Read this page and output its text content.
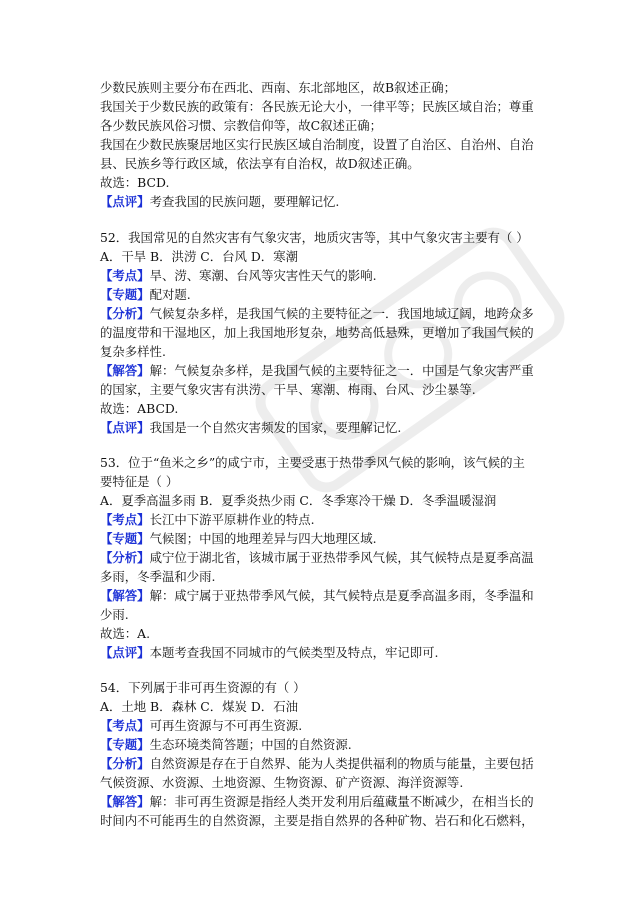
少数民族则主要分布在西北、西南、东北部地区，故B叙述正确；
我国关于少数民族的政策有：各民族无论大小，一律平等；民族区域自治；尊重
各少数民族风俗习惯、宗教信仰等，故C叙述正确；
我国在少数民族聚居地区实行民族区域自治制度，设置了自治区、自治州、自治
县、民族乡等行政区域，依法享有自治权，故D叙述正确。
故选：BCD.
【点评】考查我国的民族问题，要理解记忆.
52．我国常见的自然灾害有气象灾害，地质灾害等，其中气象灾害主要有（ ）
A．干旱 B．洪涝 C．台风 D．寒潮
【考点】旱、涝、寒潮、台风等灾害性天气的影响.
【专题】配对题.
【分析】气候复杂多样，是我国气候的主要特征之一．我国地域辽阔，地跨众多
的温度带和干湿地区，加上我国地形复杂，地势高低悬殊，更增加了我国气候的
复杂多样性.
【解答】解：气候复杂多样，是我国气候的主要特征之一．中国是气象灾害严重
的国家，主要气象灾害有洪涝、干旱、寒潮、梅雨、台风、沙尘暴等.
故选：ABCD.
【点评】我国是一个自然灾害频发的国家，要理解记忆.
53．位于“鱼米之乡”的咸宁市，主要受惠于热带季风气候的影响，该气候的主
要特征是（ ）
A．夏季高温多雨 B．夏季炎热少雨 C．冬季寒冷干燥 D．冬季温暖湿润
【考点】长江中下游平原耕作业的特点.
【专题】气候图；中国的地理差异与四大地理区域.
【分析】咸宁位于湖北省，该城市属于亚热带季风气候，其气候特点是夏季高温
多雨，冬季温和少雨.
【解答】解：咸宁属于亚热带季风气候，其气候特点是夏季高温多雨，冬季温和
少雨.
故选：A.
【点评】本题考查我国不同城市的气候类型及特点，牢记即可.
54．下列属于非可再生资源的有（ ）
A．土地 B．森林 C．煤炭 D．石油
【考点】可再生资源与不可再生资源.
【专题】生态环境类简答题；中国的自然资源.
【分析】自然资源是存在于自然界、能为人类提供福利的物质与能量，主要包括
气候资源、水资源、土地资源、生物资源、矿产资源、海洋资源等.
【解答】解：非可再生资源是指经人类开发利用后蕴藏量不断减少，在相当长的
时间内不可能再生的自然资源，主要是指自然界的各种矿物、岩石和化石燃料，
